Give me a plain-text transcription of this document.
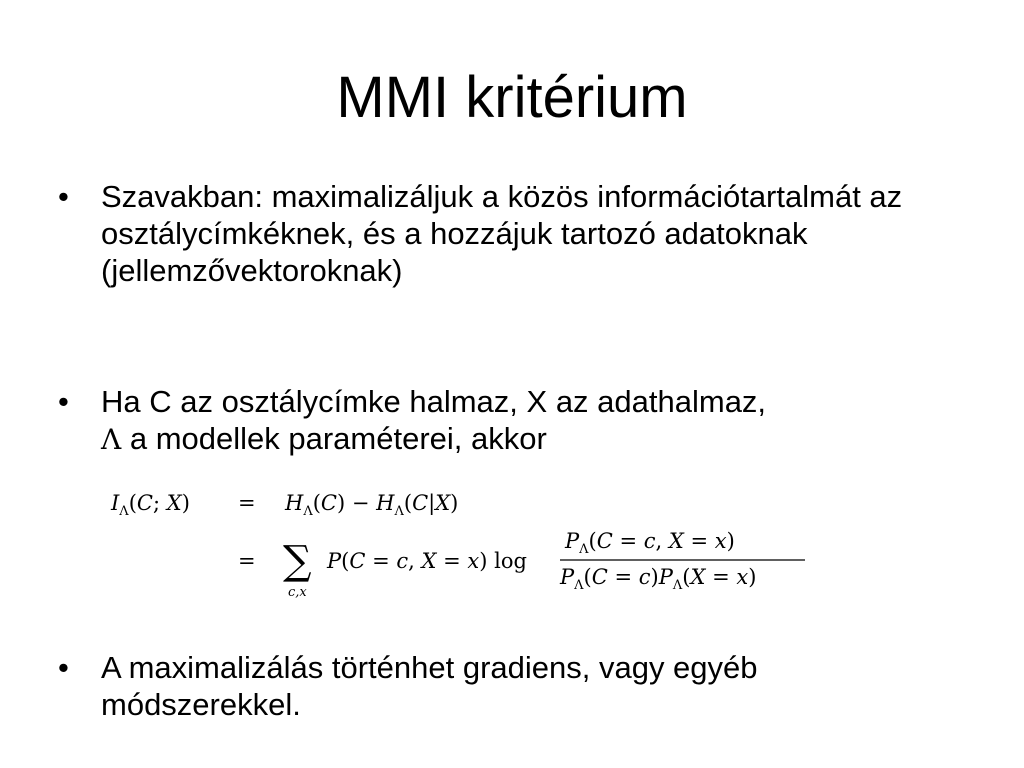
MMI kritérium
•	Szavakban: maximalizáljuk a közös információtartalmát az osztálycímkéknek, és a hozzájuk tartozó adatoknak (jellemzővektoroknak)
•	Ha C az osztálycímke halmaz, X az adathalmaz,
Λ a modellek paraméterei, akkor
$I_\Lambda(C$; $X) = H_\Lambda(C) - H_\Lambda(C|X)$
= ∑
c,x
P(C = c, X = x) log
$P_\Lambda(C = c$, X = x)
$P_\Lambda(C = c)P_\Lambda(X = x)$
•	A maximalizálás történhet gradiens, vagy egyéb módszerekkel.
